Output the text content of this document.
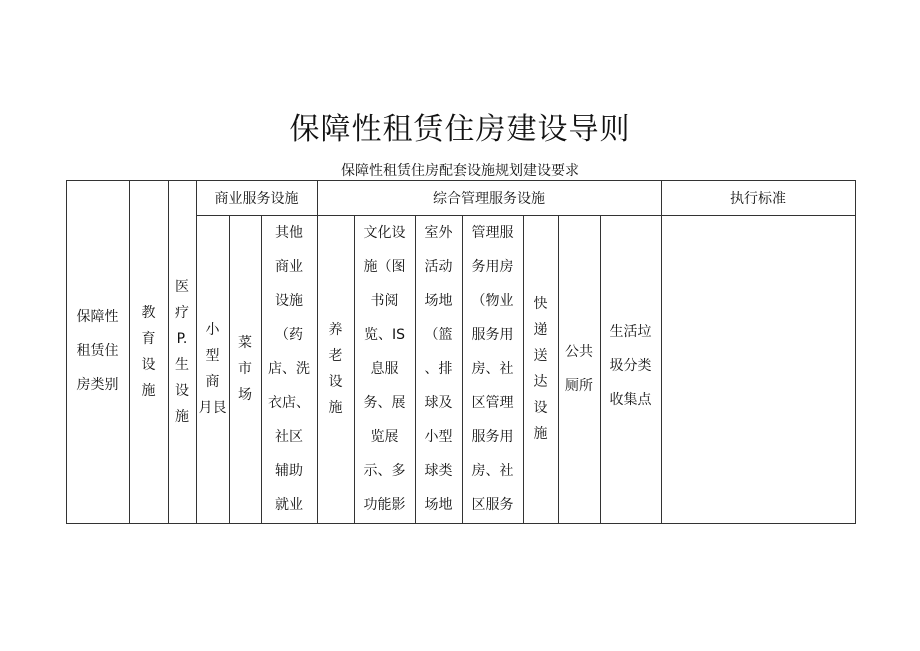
保障性租赁住房建设导则
保障性租赁住房配套设施规划建设要求
商业服务设施	综合管理服务设施	执行标准
保障性
租赁住
房类别
教
育
设
施
医
疗
P.
生
设
施
小
型
商
月艮
菜
市
场
其他
商业
设施
（药
店、洗
衣店、
社区
辅助
就业
养
老
设
施
文化设
施（图
书阅
览、IS
息服
务、展
览展
示、多
功能影
室外
活动
场地
（篮
、排
球及
小型
球类
场地
管理服
务用房
（物业
服务用
房、社
区管理
服务用
房、社
区服务
快
递
送
达
设
施
公共
厕所
生活垃
圾分类
收集点
